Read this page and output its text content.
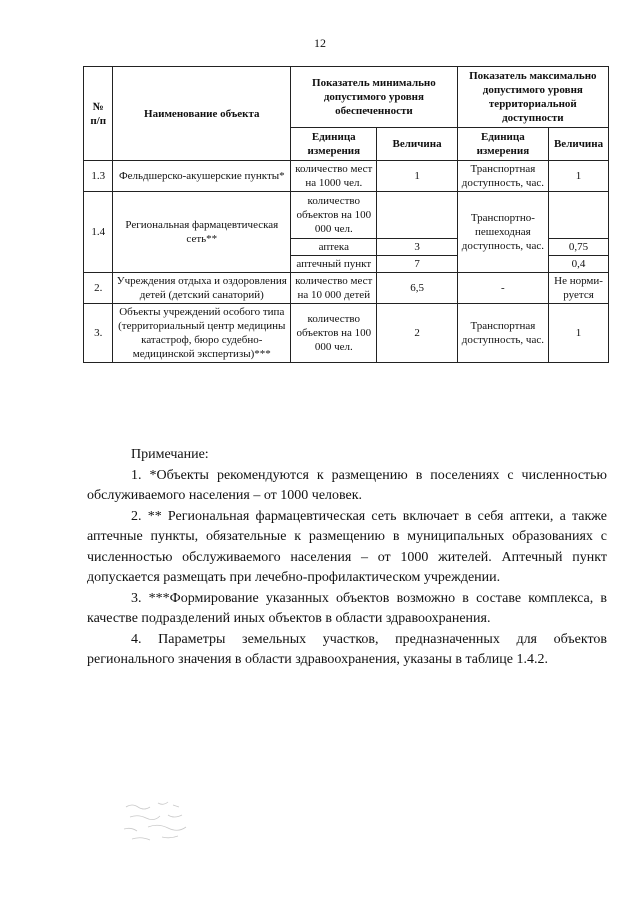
12
№ п/п	Наименование объекта	Показатель минимально допустимого уровня обеспеченности		Показатель максимально допустимого уровня территориальной доступности	
		Единица измерения	Величина	Единица измерения	Величина
1.3	Фельдшерско-акушерские пункты*	количество мест на 1000 чел.	1	Транспортная доступность, час.	1
1.4	Региональная фармацевтическая сеть**	количество объектов на 100 000 чел.		Транспортно-пешеходная доступность, час.	
		аптека	3		0,75
		аптечный пункт	7		0,4
2.	Учреждения отдыха и оздоровления детей (детский санаторий)	количество мест на 10 000 детей	6,5	-	Не норми-руется
3.	Объекты учреждений особого типа (территориальный центр медицины катастроф, бюро судебно-медицинской экспертизы)***	количество объектов на 100 000 чел.	2	Транспортная доступность, час.	1

Примечание:

1. *Объекты рекомендуются к размещению в поселениях с численностью обслуживаемого населения – от 1000 человек.

2. ** Региональная фармацевтическая сеть включает в себя аптеки, а также аптечные пункты, обязательные к размещению в муниципальных образованиях с численностью обслуживаемого населения – от 1000 жителей. Аптечный пункт допускается размещать при лечебно-профилактическом учреждении.

3. ***Формирование указанных объектов возможно в составе комплекса, в качестве подразделений иных объектов в области здравоохранения.

4. Параметры земельных участков, предназначенных для объектов регионального значения в области здравоохранения, указаны в таблице 1.4.2.
